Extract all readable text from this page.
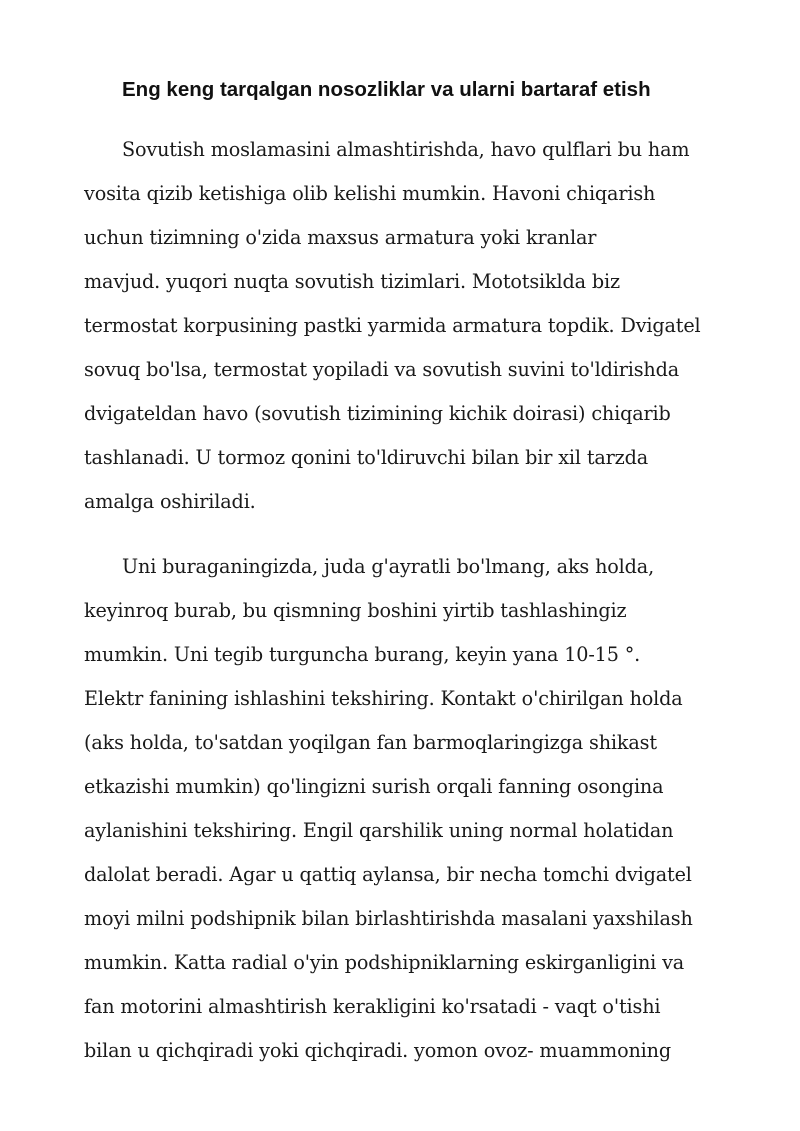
Eng keng tarqalgan nosozliklar va ularni bartaraf etish

Sovutish moslamasini almashtirishda, havo qulflari bu ham
vosita qizib ketishiga olib kelishi mumkin. Havoni chiqarish
uchun tizimning o'zida maxsus armatura yoki kranlar
mavjud. yuqori nuqta sovutish tizimlari. Mototsiklda biz
termostat korpusining pastki yarmida armatura topdik. Dvigatel
sovuq bo'lsa, termostat yopiladi va sovutish suvini to'ldirishda
dvigateldan havo (sovutish tizimining kichik doirasi) chiqarib
tashlanadi. U tormoz qonini to'ldiruvchi bilan bir xil tarzda
amalga oshiriladi.

Uni buraganingizda, juda g'ayratli bo'lmang, aks holda,
keyinroq burab, bu qismning boshini yirtib tashlashingiz
mumkin. Uni tegib turguncha burang, keyin yana 10-15 °.
Elektr fanining ishlashini tekshiring. Kontakt o'chirilgan holda
(aks holda, to'satdan yoqilgan fan barmoqlaringizga shikast
etkazishi mumkin) qo'lingizni surish orqali fanning osongina
aylanishini tekshiring. Engil qarshilik uning normal holatidan
dalolat beradi. Agar u qattiq aylansa, bir necha tomchi dvigatel
moyi milni podshipnik bilan birlashtirishda masalani yaxshilash
mumkin. Katta radial o'yin podshipniklarning eskirganligini va
fan motorini almashtirish kerakligini ko'rsatadi - vaqt o'tishi
bilan u qichqiradi yoki qichqiradi. yomon ovoz- muammoning
